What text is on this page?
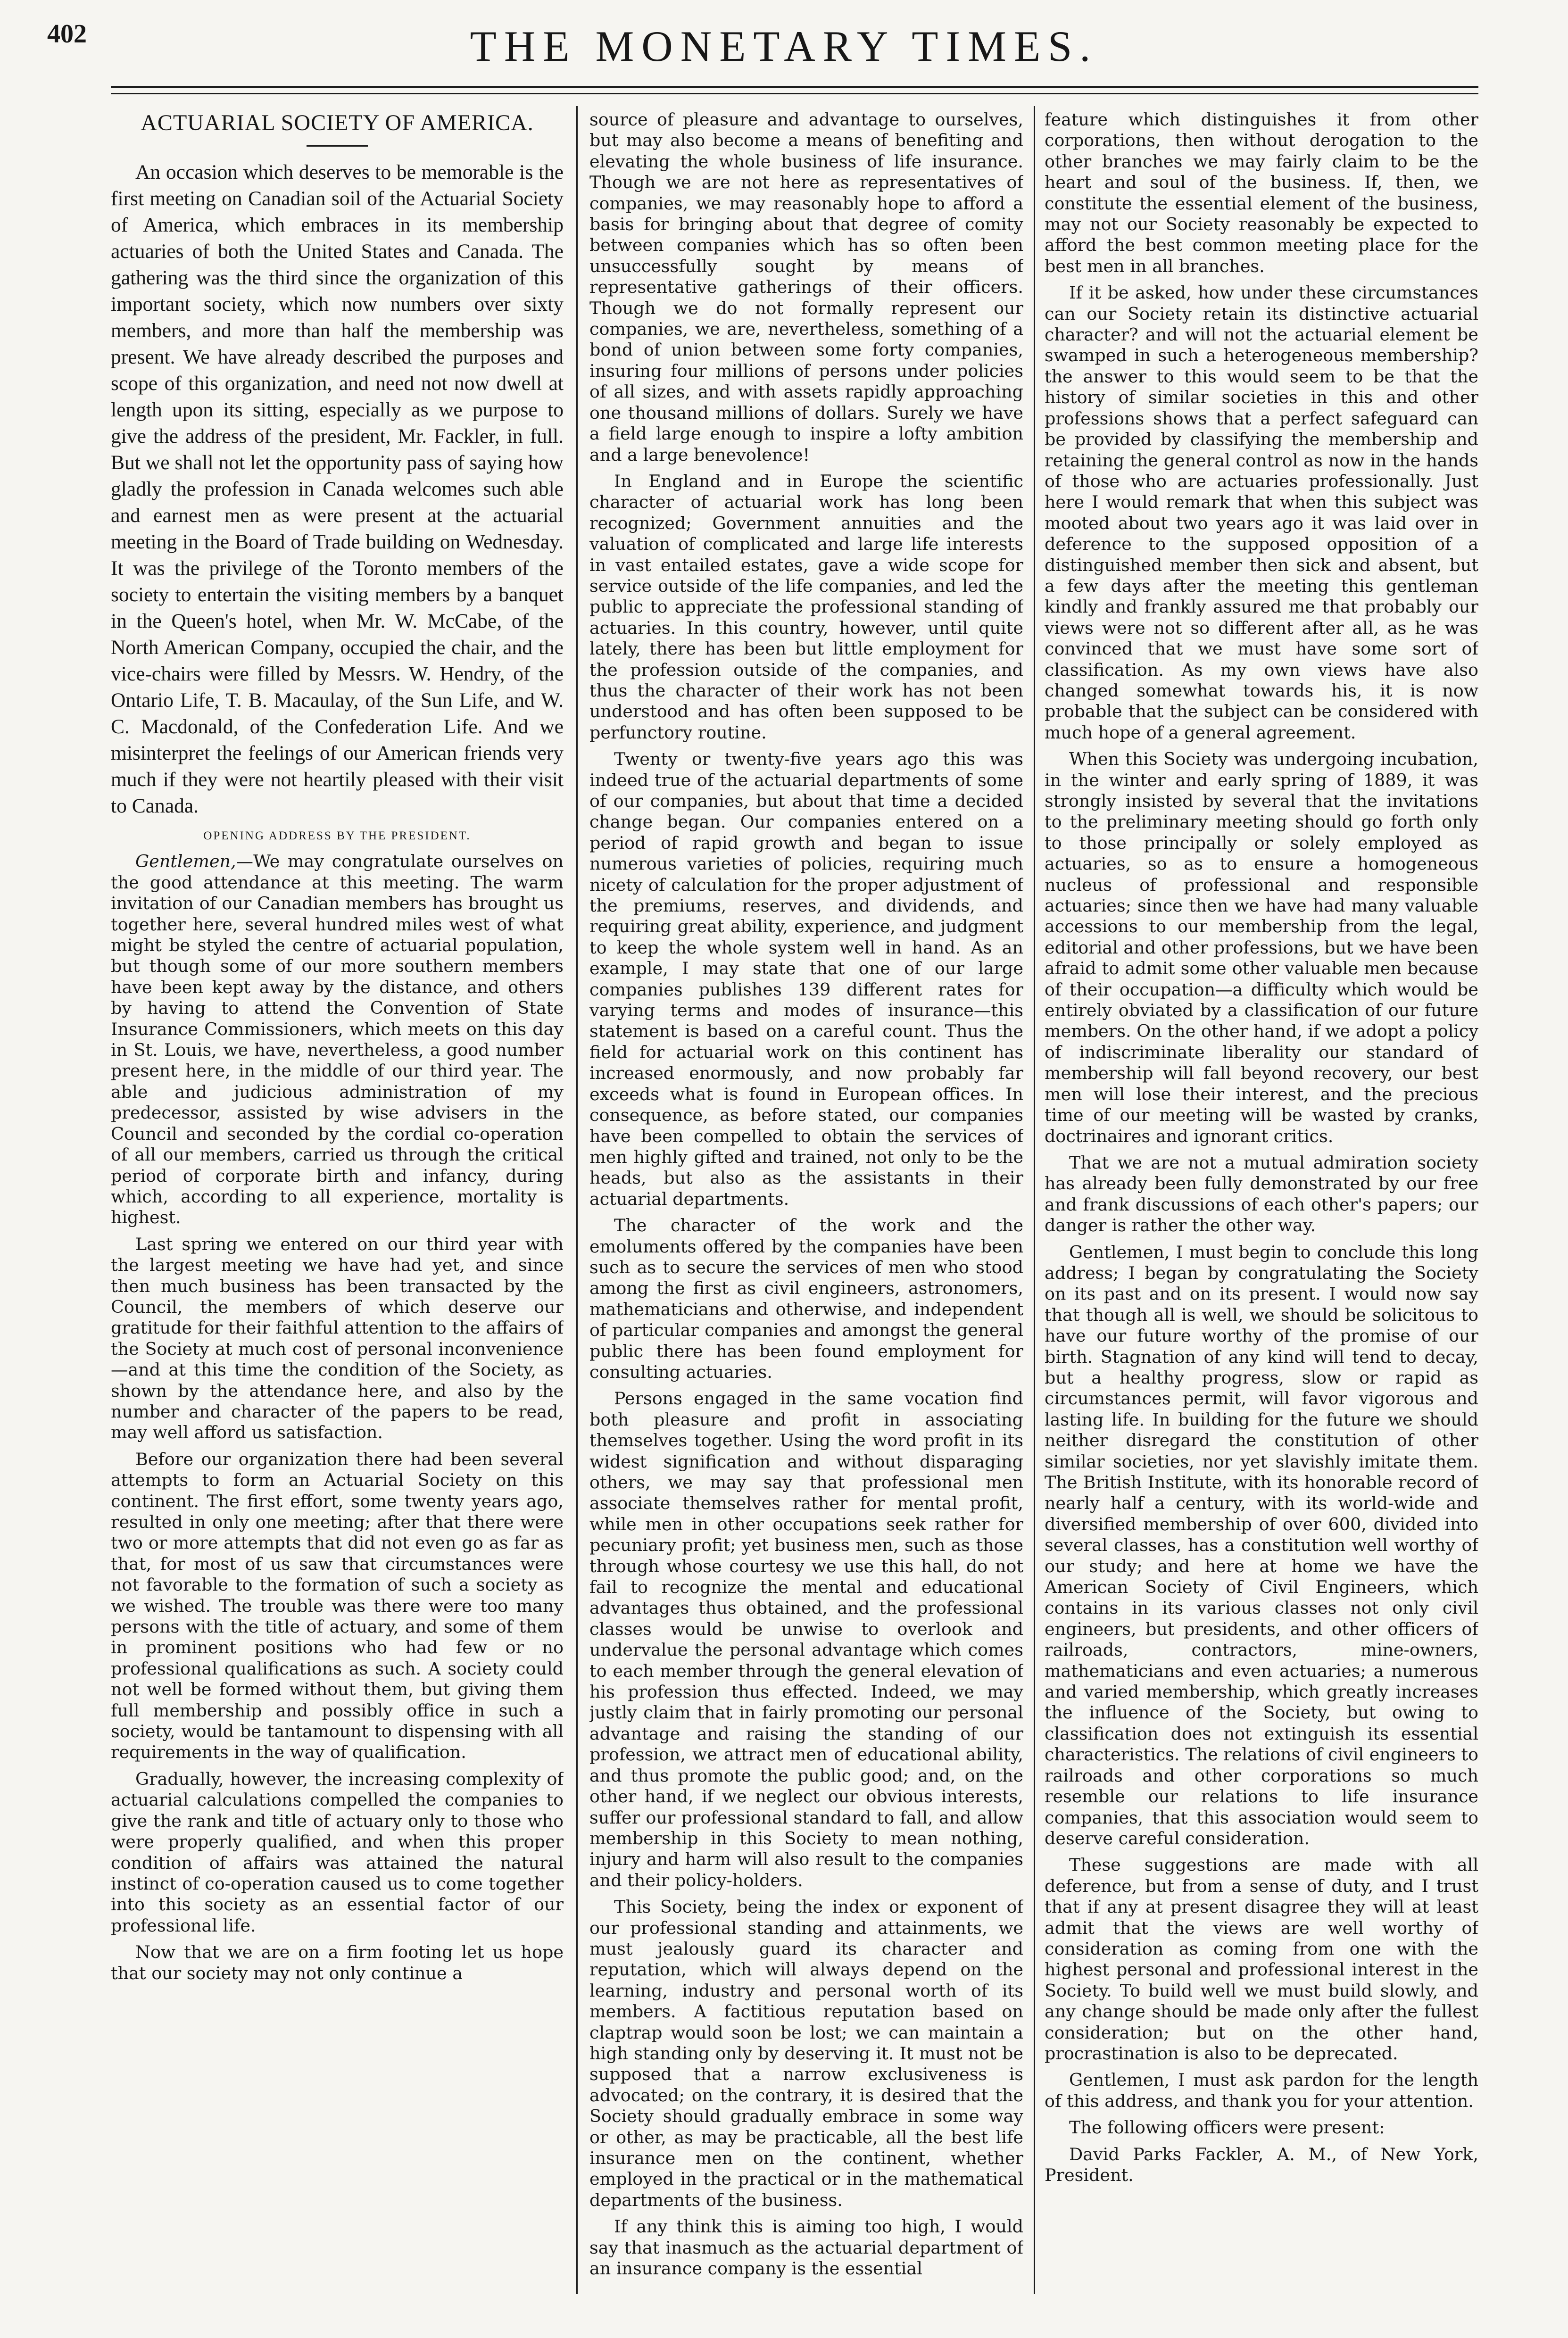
402	THE MONETARY TIMES.
ACTUARIAL SOCIETY OF AMERICA.

An occasion which deserves to be memorable is the first meeting on Canadian soil of the Actuarial Society of America, which embraces in its membership actuaries of both the United States and Canada. The gathering was the third since the organization of this important society, which now numbers over sixty members, and more than half the membership was present. We have already described the purposes and scope of this organization, and need not now dwell at length upon its sitting, especially as we purpose to give the address of the president, Mr. Fackler, in full. But we shall not let the opportunity pass of saying how gladly the profession in Canada welcomes such able and earnest men as were present at the actuarial meeting in the Board of Trade building on Wednesday. It was the privilege of the Toronto members of the society to entertain the visiting members by a banquet in the Queen's hotel, when Mr. W. McCabe, of the North American Company, occupied the chair, and the vice-chairs were filled by Messrs. W. Hendry, of the Ontario Life, T. B. Macaulay, of the Sun Life, and W. C. Macdonald, of the Confederation Life. And we misinterpret the feelings of our American friends very much if they were not heartily pleased with their visit to Canada.

OPENING ADDRESS BY THE PRESIDENT.

Gentlemen,—We may congratulate ourselves on the good attendance at this meeting. The warm invitation of our Canadian members has brought us together here, several hundred miles west of what might be styled the centre of actuarial population, but though some of our more southern members have been kept away by the distance, and others by having to attend the Convention of State Insurance Commissioners, which meets on this day in St. Louis, we have, nevertheless, a good number present here, in the middle of our third year. The able and judicious administration of my predecessor, assisted by wise advisers in the Council and seconded by the cordial co-operation of all our members, carried us through the critical period of corporate birth and infancy, during which, according to all experience, mortality is highest.

Last spring we entered on our third year with the largest meeting we have had yet, and since then much business has been transacted by the Council, the members of which deserve our gratitude for their faithful attention to the affairs of the Society at much cost of personal inconvenience—and at this time the condition of the Society, as shown by the attendance here, and also by the number and character of the papers to be read, may well afford us satisfaction.

Before our organization there had been several attempts to form an Actuarial Society on this continent. The first effort, some twenty years ago, resulted in only one meeting; after that there were two or more attempts that did not even go as far as that, for most of us saw that circumstances were not favorable to the formation of such a society as we wished. The trouble was there were too many persons with the title of actuary, and some of them in prominent positions who had few or no professional qualifications as such. A society could not well be formed without them, but giving them full membership and possibly office in such a society, would be tantamount to dispensing with all requirements in the way of qualification.

Gradually, however, the increasing complexity of actuarial calculations compelled the companies to give the rank and title of actuary only to those who were properly qualified, and when this proper condition of affairs was attained the natural instinct of co-operation caused us to come together into this society as an essential factor of our professional life.

Now that we are on a firm footing let us hope that our society may not only continue a

source of pleasure and advantage to ourselves, but may also become a means of benefiting and elevating the whole business of life insurance. Though we are not here as representatives of companies, we may reasonably hope to afford a basis for bringing about that degree of comity between companies which has so often been unsuccessfully sought by means of representative gatherings of their officers. Though we do not formally represent our companies, we are, nevertheless, something of a bond of union between some forty companies, insuring four millions of persons under policies of all sizes, and with assets rapidly approaching one thousand millions of dollars. Surely we have a field large enough to inspire a lofty ambition and a large benevolence!

In England and in Europe the scientific character of actuarial work has long been recognized; Government annuities and the valuation of complicated and large life interests in vast entailed estates, gave a wide scope for service outside of the life companies, and led the public to appreciate the professional standing of actuaries. In this country, however, until quite lately, there has been but little employment for the profession outside of the companies, and thus the character of their work has not been understood and has often been supposed to be perfunctory routine.

Twenty or twenty-five years ago this was indeed true of the actuarial departments of some of our companies, but about that time a decided change began. Our companies entered on a period of rapid growth and began to issue numerous varieties of policies, requiring much nicety of calculation for the proper adjustment of the premiums, reserves, and dividends, and requiring great ability, experience, and judgment to keep the whole system well in hand. As an example, I may state that one of our large companies publishes 139 different rates for varying terms and modes of insurance—this statement is based on a careful count. Thus the field for actuarial work on this continent has increased enormously, and now probably far exceeds what is found in European offices. In consequence, as before stated, our companies have been compelled to obtain the services of men highly gifted and trained, not only to be the heads, but also as the assistants in their actuarial departments.

The character of the work and the emoluments offered by the companies have been such as to secure the services of men who stood among the first as civil engineers, astronomers, mathematicians and otherwise, and independent of particular companies and amongst the general public there has been found employment for consulting actuaries.

Persons engaged in the same vocation find both pleasure and profit in associating themselves together. Using the word profit in its widest signification and without disparaging others, we may say that professional men associate themselves rather for mental profit, while men in other occupations seek rather for pecuniary profit; yet business men, such as those through whose courtesy we use this hall, do not fail to recognize the mental and educational advantages thus obtained, and the professional classes would be unwise to overlook and undervalue the personal advantage which comes to each member through the general elevation of his profession thus effected. Indeed, we may justly claim that in fairly promoting our personal advantage and raising the standing of our profession, we attract men of educational ability, and thus promote the public good; and, on the other hand, if we neglect our obvious interests, suffer our professional standard to fall, and allow membership in this Society to mean nothing, injury and harm will also result to the companies and their policy-holders.

This Society, being the index or exponent of our professional standing and attainments, we must jealously guard its character and reputation, which will always depend on the learning, industry and personal worth of its members. A factitious reputation based on claptrap would soon be lost; we can maintain a high standing only by deserving it. It must not be supposed that a narrow exclusiveness is advocated; on the contrary, it is desired that the Society should gradually embrace in some way or other, as may be practicable, all the best life insurance men on the continent, whether employed in the practical or in the mathematical departments of the business.

If any think this is aiming too high, I would say that inasmuch as the actuarial department of an insurance company is the essential

feature which distinguishes it from other corporations, then without derogation to the other branches we may fairly claim to be the heart and soul of the business. If, then, we constitute the essential element of the business, may not our Society reasonably be expected to afford the best common meeting place for the best men in all branches.

If it be asked, how under these circumstances can our Society retain its distinctive actuarial character? and will not the actuarial element be swamped in such a heterogeneous membership? the answer to this would seem to be that the history of similar societies in this and other professions shows that a perfect safeguard can be provided by classifying the membership and retaining the general control as now in the hands of those who are actuaries professionally. Just here I would remark that when this subject was mooted about two years ago it was laid over in deference to the supposed opposition of a distinguished member then sick and absent, but a few days after the meeting this gentleman kindly and frankly assured me that probably our views were not so different after all, as he was convinced that we must have some sort of classification. As my own views have also changed somewhat towards his, it is now probable that the subject can be considered with much hope of a general agreement.

When this Society was undergoing incubation, in the winter and early spring of 1889, it was strongly insisted by several that the invitations to the preliminary meeting should go forth only to those principally or solely employed as actuaries, so as to ensure a homogeneous nucleus of professional and responsible actuaries; since then we have had many valuable accessions to our membership from the legal, editorial and other professions, but we have been afraid to admit some other valuable men because of their occupation—a difficulty which would be entirely obviated by a classification of our future members. On the other hand, if we adopt a policy of indiscriminate liberality our standard of membership will fall beyond recovery, our best men will lose their interest, and the precious time of our meeting will be wasted by cranks, doctrinaires and ignorant critics.

That we are not a mutual admiration society has already been fully demonstrated by our free and frank discussions of each other's papers; our danger is rather the other way.

Gentlemen, I must begin to conclude this long address; I began by congratulating the Society on its past and on its present. I would now say that though all is well, we should be solicitous to have our future worthy of the promise of our birth. Stagnation of any kind will tend to decay, but a healthy progress, slow or rapid as circumstances permit, will favor vigorous and lasting life. In building for the future we should neither disregard the constitution of other similar societies, nor yet slavishly imitate them. The British Institute, with its honorable record of nearly half a century, with its world-wide and diversified membership of over 600, divided into several classes, has a constitution well worthy of our study; and here at home we have the American Society of Civil Engineers, which contains in its various classes not only civil engineers, but presidents, and other officers of railroads, contractors, mine-owners, mathematicians and even actuaries; a numerous and varied membership, which greatly increases the influence of the Society, but owing to classification does not extinguish its essential characteristics. The relations of civil engineers to railroads and other corporations so much resemble our relations to life insurance companies, that this association would seem to deserve careful consideration.

These suggestions are made with all deference, but from a sense of duty, and I trust that if any at present disagree they will at least admit that the views are well worthy of consideration as coming from one with the highest personal and professional interest in the Society. To build well we must build slowly, and any change should be made only after the fullest consideration; but on the other hand, procrastination is also to be deprecated.

Gentlemen, I must ask pardon for the length of this address, and thank you for your attention.

The following officers were present:

David Parks Fackler, A. M., of New York, President.
